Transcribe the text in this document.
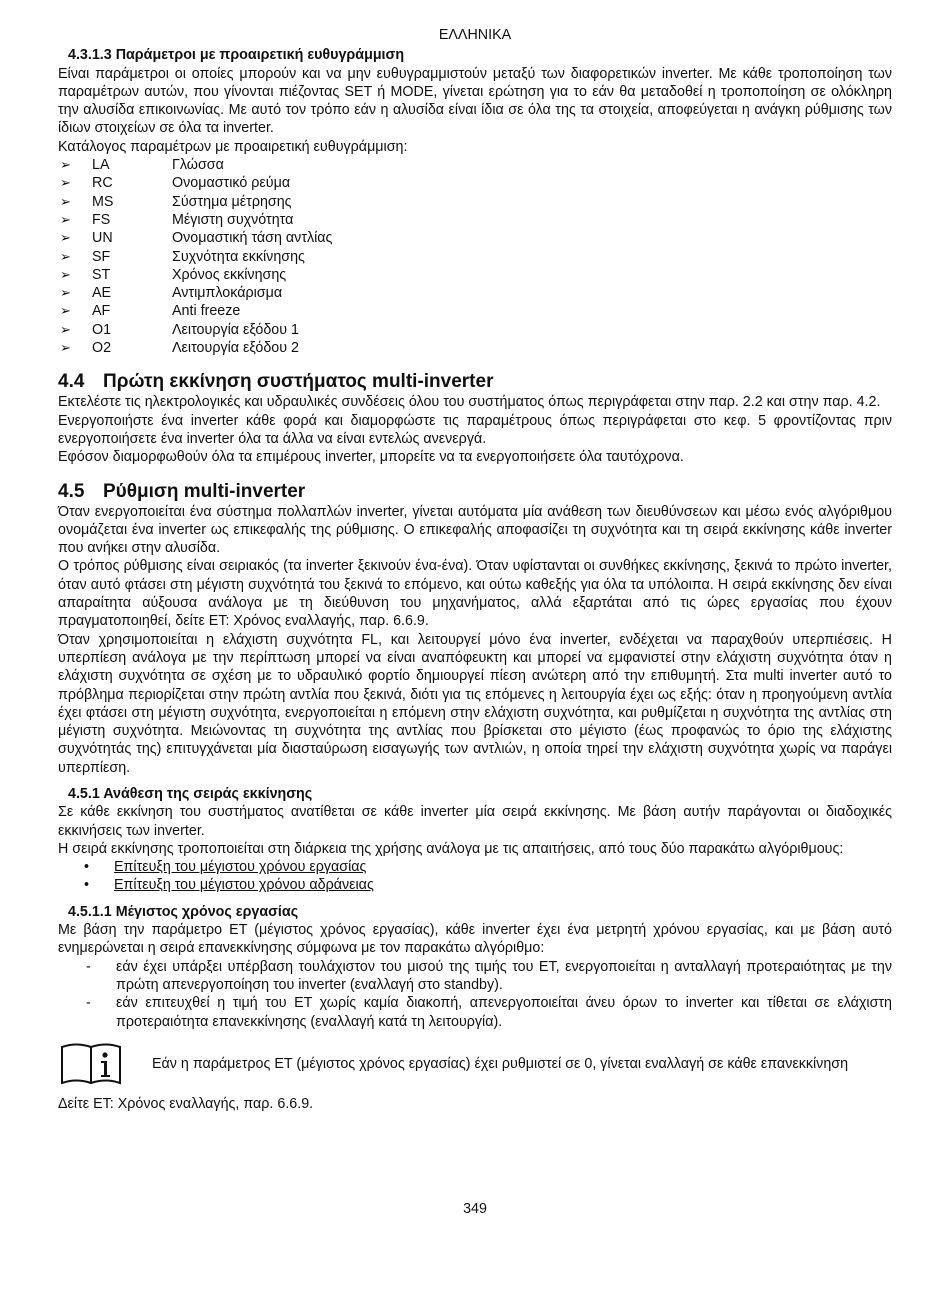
ΕΛΛΗΝΙΚΑ
4.3.1.3 Παράμετροι με προαιρετική ευθυγράμμιση

Είναι παράμετροι οι οποίες μπορούν και να μην ευθυγραμμιστούν μεταξύ των διαφορετικών inverter. Με κάθε τροποποίηση των παραμέτρων αυτών, που γίνονται πιέζοντας SET ή MODE, γίνεται ερώτηση για το εάν θα μεταδοθεί η τροποποίηση σε ολόκληρη την αλυσίδα επικοινωνίας. Με αυτό τον τρόπο εάν η αλυσίδα είναι ίδια σε όλα της τα στοιχεία, αποφεύγεται η ανάγκη ρύθμισης των ίδιων στοιχείων σε όλα τα inverter.

Κατάλογος παραμέτρων με προαιρετική ευθυγράμμιση:

➢	LA	Γλώσσα
➢	RC	Ονομαστικό ρεύμα
➢	MS	Σύστημα μέτρησης
➢	FS	Μέγιστη συχνότητα
➢	UN	Ονομαστική τάση αντλίας
➢	SF	Συχνότητα εκκίνησης
➢	ST	Χρόνος εκκίνησης
➢	AE	Αντιμπλοκάρισμα
➢	AF	Anti freeze
➢	O1	Λειτουργία εξόδου 1
➢	O2	Λειτουργία εξόδου 2
4.4 Πρώτη εκκίνηση συστήματος multi-inverter

Εκτελέστε τις ηλεκτρολογικές και υδραυλικές συνδέσεις όλου του συστήματος όπως περιγράφεται στην παρ. 2.2 και στην παρ. 4.2.

Ενεργοποιήστε ένα inverter κάθε φορά και διαμορφώστε τις παραμέτρους όπως περιγράφεται στο κεφ. 5 φροντίζοντας πριν ενεργοποιήσετε ένα inverter όλα τα άλλα να είναι εντελώς ανενεργά.

Εφόσον διαμορφωθούν όλα τα επιμέρους inverter, μπορείτε να τα ενεργοποιήσετε όλα ταυτόχρονα.

4.5 Ρύθμιση multi-inverter

Όταν ενεργοποιείται ένα σύστημα πολλαπλών inverter, γίνεται αυτόματα μία ανάθεση των διευθύνσεων και μέσω ενός αλγόριθμου ονομάζεται ένα inverter ως επικεφαλής της ρύθμισης. Ο επικεφαλής αποφασίζει τη συχνότητα και τη σειρά εκκίνησης κάθε inverter που ανήκει στην αλυσίδα.

Ο τρόπος ρύθμισης είναι σειριακός (τα inverter ξεκινούν ένα-ένα). Όταν υφίστανται οι συνθήκες εκκίνησης, ξεκινά το πρώτο inverter, όταν αυτό φτάσει στη μέγιστη συχνότητά του ξεκινά το επόμενο, και ούτω καθεξής για όλα τα υπόλοιπα. Η σειρά εκκίνησης δεν είναι απαραίτητα αύξουσα ανάλογα με τη διεύθυνση του μηχανήματος, αλλά εξαρτάται από τις ώρες εργασίας που έχουν πραγματοποιηθεί, δείτε ET: Χρόνος εναλλαγής, παρ. 6.6.9.

Όταν χρησιμοποιείται η ελάχιστη συχνότητα FL, και λειτουργεί μόνο ένα inverter, ενδέχεται να παραχθούν υπερπιέσεις. Η υπερπίεση ανάλογα με την περίπτωση μπορεί να είναι αναπόφευκτη και μπορεί να εμφανιστεί στην ελάχιστη συχνότητα όταν η ελάχιστη συχνότητα σε σχέση με το υδραυλικό φορτίο δημιουργεί πίεση ανώτερη από την επιθυμητή. Στα multi inverter αυτό το πρόβλημα περιορίζεται στην πρώτη αντλία που ξεκινά, διότι για τις επόμενες η λειτουργία έχει ως εξής: όταν η προηγούμενη αντλία έχει φτάσει στη μέγιστη συχνότητα, ενεργοποιείται η επόμενη στην ελάχιστη συχνότητα, και ρυθμίζεται η συχνότητα της αντλίας στη μέγιστη συχνότητα. Μειώνοντας τη συχνότητα της αντλίας που βρίσκεται στο μέγιστο (έως προφανώς το όριο της ελάχιστης συχνότητάς της) επιτυγχάνεται μία διασταύρωση εισαγωγής των αντλιών, η οποία τηρεί την ελάχιστη συχνότητα χωρίς να παράγει υπερπίεση.

4.5.1 Ανάθεση της σειράς εκκίνησης

Σε κάθε εκκίνηση του συστήματος ανατίθεται σε κάθε inverter μία σειρά εκκίνησης. Με βάση αυτήν παράγονται οι διαδοχικές εκκινήσεις των inverter.

Η σειρά εκκίνησης τροποποιείται στη διάρκεια της χρήσης ανάλογα με τις απαιτήσεις, από τους δύο παρακάτω αλγόριθμους:

•	Επίτευξη του μέγιστου χρόνου εργασίας
•	Επίτευξη του μέγιστου χρόνου αδράνειας
4.5.1.1 Μέγιστος χρόνος εργασίας

Με βάση την παράμετρο ET (μέγιστος χρόνος εργασίας), κάθε inverter έχει ένα μετρητή χρόνου εργασίας, και με βάση αυτό ενημερώνεται η σειρά επανεκκίνησης σύμφωνα με τον παρακάτω αλγόριθμο:

-	εάν έχει υπάρξει υπέρβαση τουλάχιστον του μισού της τιμής του ET, ενεργοποιείται η ανταλλαγή προτεραιότητας με την πρώτη απενεργοποίηση του inverter (εναλλαγή στο standby).
-	εάν επιτευχθεί η τιμή του ET χωρίς καμία διακοπή, απενεργοποιείται άνευ όρων το inverter και τίθεται σε ελάχιστη προτεραιότητα επανεκκίνησης (εναλλαγή κατά τη λειτουργία).
Εάν η παράμετρος ET (μέγιστος χρόνος εργασίας) έχει ρυθμιστεί σε 0, γίνεται εναλλαγή σε κάθε επανεκκίνηση

Δείτε ET: Χρόνος εναλλαγής, παρ. 6.6.9.

349
